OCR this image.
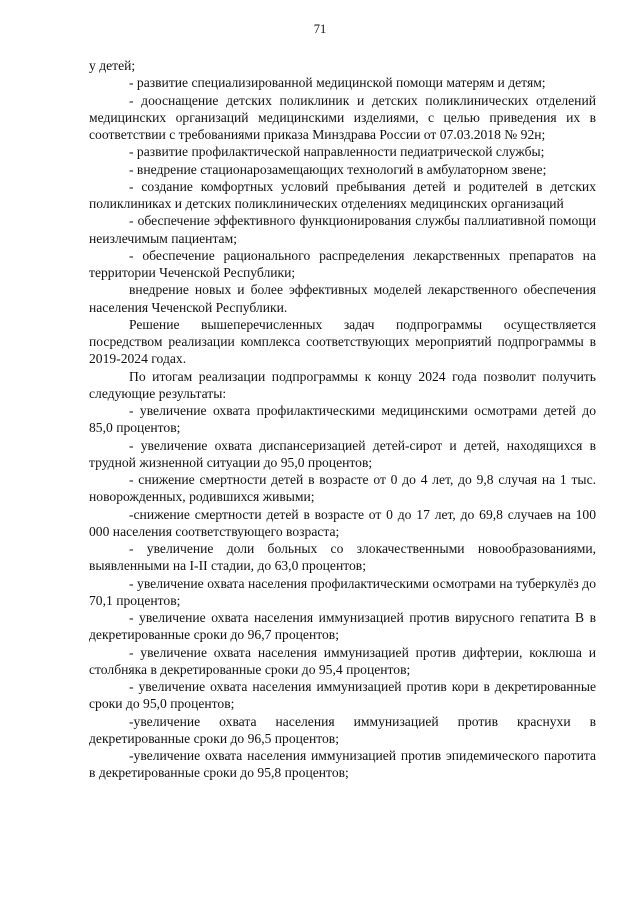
71

у детей;

- развитие специализированной медицинской помощи матерям и детям;

- дооснащение детских поликлиник и детских поликлинических отделений медицинских организаций медицинскими изделиями, с целью приведения их в соответствии с требованиями приказа Минздрава России от 07.03.2018 № 92н;

- развитие профилактической направленности педиатрической службы;

- внедрение стационарозамещающих технологий в амбулаторном звене;

- создание комфортных условий пребывания детей и родителей в детских поликлиниках и детских поликлинических отделениях медицинских организаций

- обеспечение эффективного функционирования службы паллиативной помощи неизлечимым пациентам;

- обеспечение рационального распределения лекарственных препаратов на территории Чеченской Республики;

внедрение новых и более эффективных моделей лекарственного обеспечения населения Чеченской Республики.

Решение вышеперечисленных задач подпрограммы осуществляется посредством реализации комплекса соответствующих мероприятий подпрограммы в 2019-2024 годах.

По итогам реализации подпрограммы к концу 2024 года позволит получить следующие результаты:

- увеличение охвата профилактическими медицинскими осмотрами детей до 85,0 процентов;

- увеличение охвата диспансеризацией детей-сирот и детей, находящихся в трудной жизненной ситуации до 95,0 процентов;

- снижение смертности детей в возрасте от 0 до 4 лет, до 9,8 случая на 1 тыс. новорожденных, родившихся живыми;

-снижение смертности детей в возрасте от 0 до 17 лет, до 69,8 случаев на 100 000 населения соответствующего возраста;

- увеличение доли больных со злокачественными новообразованиями, выявленными на I-II стадии, до 63,0 процентов;

- увеличение охвата населения профилактическими осмотрами на туберкулёз до 70,1 процентов;

- увеличение охвата населения иммунизацией против вирусного гепатита В в декретированные сроки до 96,7 процентов;

- увеличение охвата населения иммунизацией против дифтерии, коклюша и столбняка в декретированные сроки до 95,4 процентов;

- увеличение охвата населения иммунизацией против кори в декретированные сроки до 95,0 процентов;

-увеличение охвата населения иммунизацией против краснухи в декретированные сроки до 96,5 процентов;

-увеличение охвата населения иммунизацией против эпидемического паротита в декретированные сроки до 95,8 процентов;
